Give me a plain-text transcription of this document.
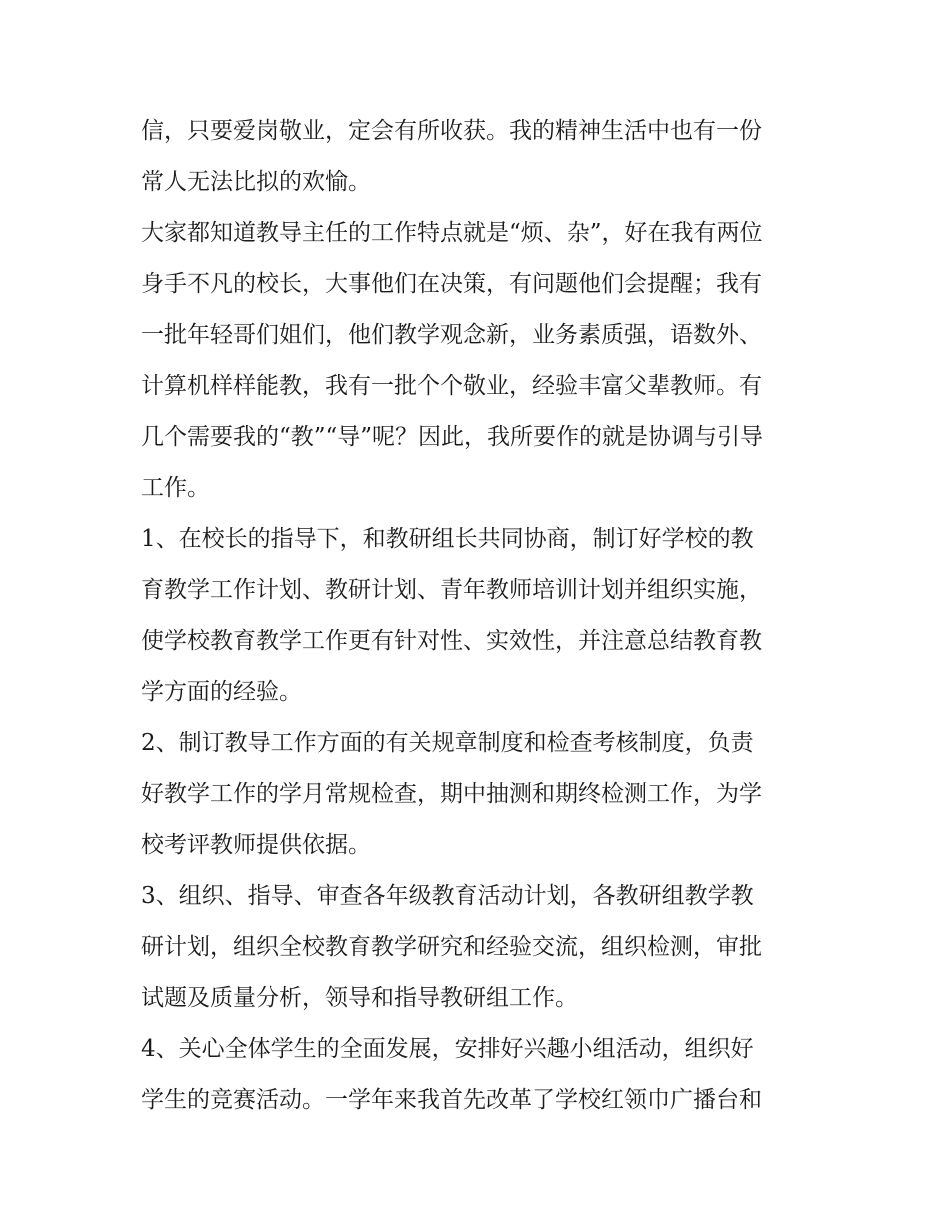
信，只要爱岗敬业，定会有所收获。我的精神生活中也有一份
常人无法比拟的欢愉。
大家都知道教导主任的工作特点就是“烦、杂”，好在我有两位
身手不凡的校长，大事他们在决策，有问题他们会提醒；我有
一批年轻哥们姐们，他们教学观念新，业务素质强，语数外、
计算机样样能教，我有一批个个敬业，经验丰富父辈教师。有
几个需要我的“教”“导”呢？因此，我所要作的就是协调与引导
工作。
1、在校长的指导下，和教研组长共同协商，制订好学校的教
育教学工作计划、教研计划、青年教师培训计划并组织实施，
使学校教育教学工作更有针对性、实效性，并注意总结教育教
学方面的经验。
2、制订教导工作方面的有关规章制度和检查考核制度，负责
好教学工作的学月常规检查，期中抽测和期终检测工作，为学
校考评教师提供依据。
3、组织、指导、审查各年级教育活动计划，各教研组教学教
研计划，组织全校教育教学研究和经验交流，组织检测，审批
试题及质量分析，领导和指导教研组工作。
4、关心全体学生的全面发展，安排好兴趣小组活动，组织好
学生的竞赛活动。一学年来我首先改革了学校红领巾广播台和
